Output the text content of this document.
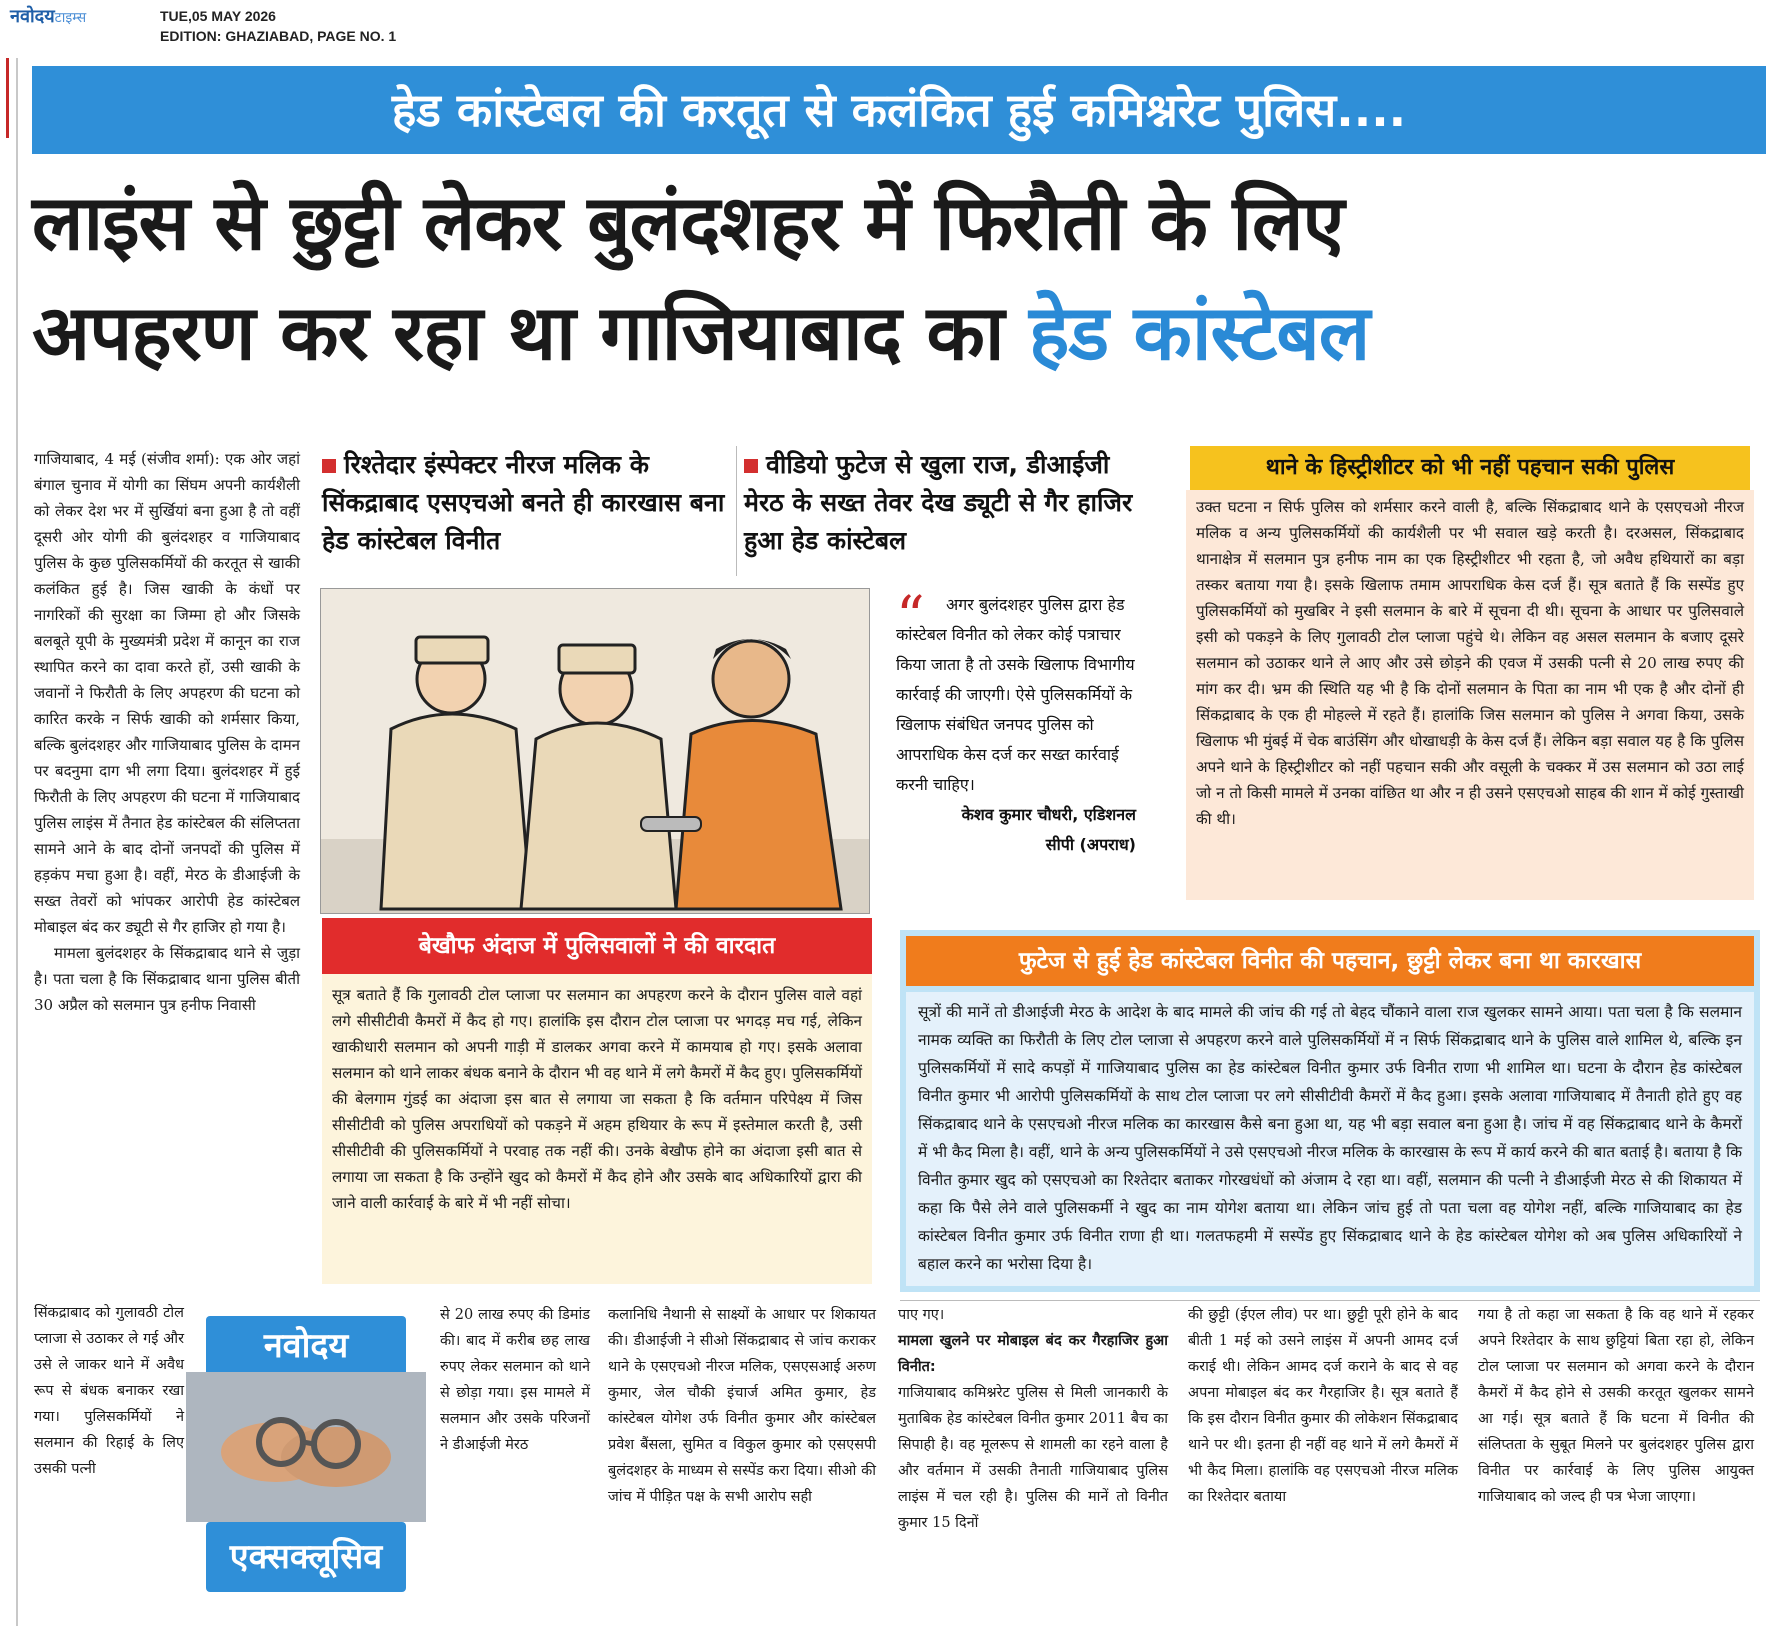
नवोदयटाइम्स	TUE,05 MAY 2026
EDITION: GHAZIABAD, PAGE NO. 1
हेड कांस्टेबल की करतूत से कलंकित हुई कमिश्नरेट पुलिस....
लाइंस से छुट्टी लेकर बुलंदशहर में फिरौती के लिए
अपहरण कर रहा था गाजियाबाद का हेड कांस्टेबल
गाजियाबाद, 4 मई (संजीव शर्मा): एक ओर जहां बंगाल चुनाव में योगी का सिंघम अपनी कार्यशैली को लेकर देश भर में सुर्खियां बना हुआ है तो वहीं दूसरी ओर योगी की बुलंदशहर व गाजियाबाद पुलिस के कुछ पुलिसकर्मियों की करतूत से खाकी कलंकित हुई है। जिस खाकी के कंधों पर नागरिकों की सुरक्षा का जिम्मा हो और जिसके बलबूते यूपी के मुख्यमंत्री प्रदेश में कानून का राज स्थापित करने का दावा करते हों, उसी खाकी के जवानों ने फिरौती के लिए अपहरण की घटना को कारित करके न सिर्फ खाकी को शर्मसार किया, बल्कि बुलंदशहर और गाजियाबाद पुलिस के दामन पर बदनुमा दाग भी लगा दिया। बुलंदशहर में हुई फिरौती के लिए अपहरण की घटना में गाजियाबाद पुलिस लाइंस में तैनात हेड कांस्टेबल की संलिप्तता सामने आने के बाद दोनों जनपदों की पुलिस में हड़कंप मचा हुआ है। वहीं, मेरठ के डीआईजी के सख्त तेवरों को भांपकर आरोपी हेड कांस्टेबल मोबाइल बंद कर ड्यूटी से गैर हाजिर हो गया है।
मामला बुलंदशहर के सिंकद्राबाद थाने से जुड़ा है। पता चला है कि सिंकद्राबाद थाना पुलिस बीती 30 अप्रैल को सलमान पुत्र हनीफ निवासी
सिंकद्राबाद को गुलावठी टोल प्लाजा से उठाकर ले गई और उसे ले जाकर थाने में अवैध रूप से बंधक बनाकर रखा गया। पुलिसकर्मियों ने सलमान की रिहाई के लिए उसकी पत्नी
रिश्तेदार इंस्पेक्टर नीरज मलिक के सिंकद्राबाद एसएचओ बनते ही कारखास बना हेड कांस्टेबल विनीत
वीडियो फुटेज से खुला राज, डीआईजी मेरठ के सख्त तेवर देख ड्यूटी से गैर हाजिर हुआ हेड कांस्टेबल
“	अगर बुलंदशहर पुलिस द्वारा हेड कांस्टेबल विनीत को लेकर कोई पत्राचार किया जाता है तो उसके खिलाफ विभागीय कार्रवाई की जाएगी। ऐसे पुलिसकर्मियों के खिलाफ संबंधित जनपद पुलिस को आपराधिक केस दर्ज कर सख्त कार्रवाई करनी चाहिए।
केशव कुमार चौधरी, एडिशनल
सीपी (अपराध)
थाने के हिस्ट्रीशीटर को भी नहीं पहचान सकी पुलिस
उक्त घटना न सिर्फ पुलिस को शर्मसार करने वाली है, बल्कि सिंकद्राबाद थाने के एसएचओ नीरज मलिक व अन्य पुलिसकर्मियों की कार्यशैली पर भी सवाल खड़े करती है। दरअसल, सिंकद्राबाद थानाक्षेत्र में सलमान पुत्र हनीफ नाम का एक हिस्ट्रीशीटर भी रहता है, जो अवैध हथियारों का बड़ा तस्कर बताया गया है। इसके खिलाफ तमाम आपराधिक केस दर्ज हैं। सूत्र बताते हैं कि सस्पेंड हुए पुलिसकर्मियों को मुखबिर ने इसी सलमान के बारे में सूचना दी थी। सूचना के आधार पर पुलिसवाले इसी को पकड़ने के लिए गुलावठी टोल प्लाजा पहुंचे थे। लेकिन वह असल सलमान के बजाए दूसरे सलमान को उठाकर थाने ले आए और उसे छोड़ने की एवज में उसकी पत्नी से 20 लाख रुपए की मांग कर दी। भ्रम की स्थिति यह भी है कि दोनों सलमान के पिता का नाम भी एक है और दोनों ही सिंकद्राबाद के एक ही मोहल्ले में रहते हैं। हालांकि जिस सलमान को पुलिस ने अगवा किया, उसके खिलाफ भी मुंबई में चेक बाउंसिंग और धोखाधड़ी के केस दर्ज हैं। लेकिन बड़ा सवाल यह है कि पुलिस अपने थाने के हिस्ट्रीशीटर को नहीं पहचान सकी और वसूली के चक्कर में उस सलमान को उठा लाई जो न तो किसी मामले में उनका वांछित था और न ही उसने एसएचओ साहब की शान में कोई गुस्ताखी की थी।
बेखौफ अंदाज में पुलिसवालों ने की वारदात
सूत्र बताते हैं कि गुलावठी टोल प्लाजा पर सलमान का अपहरण करने के दौरान पुलिस वाले वहां लगे सीसीटीवी कैमरों में कैद हो गए। हालांकि इस दौरान टोल प्लाजा पर भगदड़ मच गई, लेकिन खाकीधारी सलमान को अपनी गाड़ी में डालकर अगवा करने में कामयाब हो गए। इसके अलावा सलमान को थाने लाकर बंधक बनाने के दौरान भी वह थाने में लगे कैमरों में कैद हुए। पुलिसकर्मियों की बेलगाम गुंडई का अंदाजा इस बात से लगाया जा सकता है कि वर्तमान परिपेक्ष्य में जिस सीसीटीवी को पुलिस अपराधियों को पकड़ने में अहम हथियार के रूप में इस्तेमाल करती है, उसी सीसीटीवी की पुलिसकर्मियों ने परवाह तक नहीं की। उनके बेखौफ होने का अंदाजा इसी बात से लगाया जा सकता है कि उन्होंने खुद को कैमरों में कैद होने और उसके बाद अधिकारियों द्वारा की जाने वाली कार्रवाई के बारे में भी नहीं सोचा।
फुटेज से हुई हेड कांस्टेबल विनीत की पहचान, छुट्टी लेकर बना था कारखास
सूत्रों की मानें तो डीआईजी मेरठ के आदेश के बाद मामले की जांच की गई तो बेहद चौंकाने वाला राज खुलकर सामने आया। पता चला है कि सलमान नामक व्यक्ति का फिरौती के लिए टोल प्लाजा से अपहरण करने वाले पुलिसकर्मियों में न सिर्फ सिंकद्राबाद थाने के पुलिस वाले शामिल थे, बल्कि इन पुलिसकर्मियों में सादे कपड़ों में गाजियाबाद पुलिस का हेड कांस्टेबल विनीत कुमार उर्फ विनीत राणा भी शामिल था। घटना के दौरान हेड कांस्टेबल विनीत कुमार भी आरोपी पुलिसकर्मियों के साथ टोल प्लाजा पर लगे सीसीटीवी कैमरों में कैद हुआ। इसके अलावा गाजियाबाद में तैनाती होते हुए वह सिंकद्राबाद थाने के एसएचओ नीरज मलिक का कारखास कैसे बना हुआ था, यह भी बड़ा सवाल बना हुआ है। जांच में वह सिंकद्राबाद थाने के कैमरों में भी कैद मिला है। वहीं, थाने के अन्य पुलिसकर्मियों ने उसे एसएचओ नीरज मलिक के कारखास के रूप में कार्य करने की बात बताई है। बताया है कि विनीत कुमार खुद को एसएचओ का रिश्तेदार बताकर गोरखधंधों को अंजाम दे रहा था। वहीं, सलमान की पत्नी ने डीआईजी मेरठ से की शिकायत में कहा कि पैसे लेने वाले पुलिसकर्मी ने खुद का नाम योगेश बताया था। लेकिन जांच हुई तो पता चला वह योगेश नहीं, बल्कि गाजियाबाद का हेड कांस्टेबल विनीत कुमार उर्फ विनीत राणा ही था। गलतफहमी में सस्पेंड हुए सिंकद्राबाद थाने के हेड कांस्टेबल योगेश को अब पुलिस अधिकारियों ने बहाल करने का भरोसा दिया है।
नवोदय
एक्सक्लूसिव
से 20 लाख रुपए की डिमांड की। बाद में करीब छह लाख रुपए लेकर सलमान को थाने से छोड़ा गया। इस मामले में सलमान और उसके परिजनों ने डीआईजी मेरठ
कलानिधि नैथानी से साक्ष्यों के आधार पर शिकायत की। डीआईजी ने सीओ सिंकद्राबाद से जांच कराकर थाने के एसएचओ नीरज मलिक, एसएसआई अरुण कुमार, जेल चौकी इंचार्ज अमित कुमार, हेड कांस्टेबल योगेश उर्फ विनीत कुमार और कांस्टेबल प्रवेश बैंसला, सुमित व विकुल कुमार को एसएसपी बुलंदशहर के माध्यम से सस्पेंड करा दिया। सीओ की जांच में पीड़ित पक्ष के सभी आरोप सही
पाए गए।
मामला खुलने पर मोबाइल बंद कर गैरहाजिर हुआ विनीत:
गाजियाबाद कमिश्नरेट पुलिस से मिली जानकारी के मुताबिक हेड कांस्टेबल विनीत कुमार 2011 बैच का सिपाही है। वह मूलरूप से शामली का रहने वाला है और वर्तमान में उसकी तैनाती गाजियाबाद पुलिस लाइंस में चल रही है। पुलिस की मानें तो विनीत कुमार 15 दिनों
की छुट्टी (ईएल लीव) पर था। छुट्टी पूरी होने के बाद बीती 1 मई को उसने लाइंस में अपनी आमद दर्ज कराई थी। लेकिन आमद दर्ज कराने के बाद से वह अपना मोबाइल बंद कर गैरहाजिर है। सूत्र बताते हैं कि इस दौरान विनीत कुमार की लोकेशन सिंकद्राबाद थाने पर थी। इतना ही नहीं वह थाने में लगे कैमरों में भी कैद मिला। हालांकि वह एसएचओ नीरज मलिक का रिश्तेदार बताया
गया है तो कहा जा सकता है कि वह थाने में रहकर अपने रिश्तेदार के साथ छुट्टियां बिता रहा हो, लेकिन टोल प्लाजा पर सलमान को अगवा करने के दौरान कैमरों में कैद होने से उसकी करतूत खुलकर सामने आ गई। सूत्र बताते हैं कि घटना में विनीत की संलिप्तता के सुबूत मिलने पर बुलंदशहर पुलिस द्वारा विनीत पर कार्रवाई के लिए पुलिस आयुक्त गाजियाबाद को जल्द ही पत्र भेजा जाएगा।
